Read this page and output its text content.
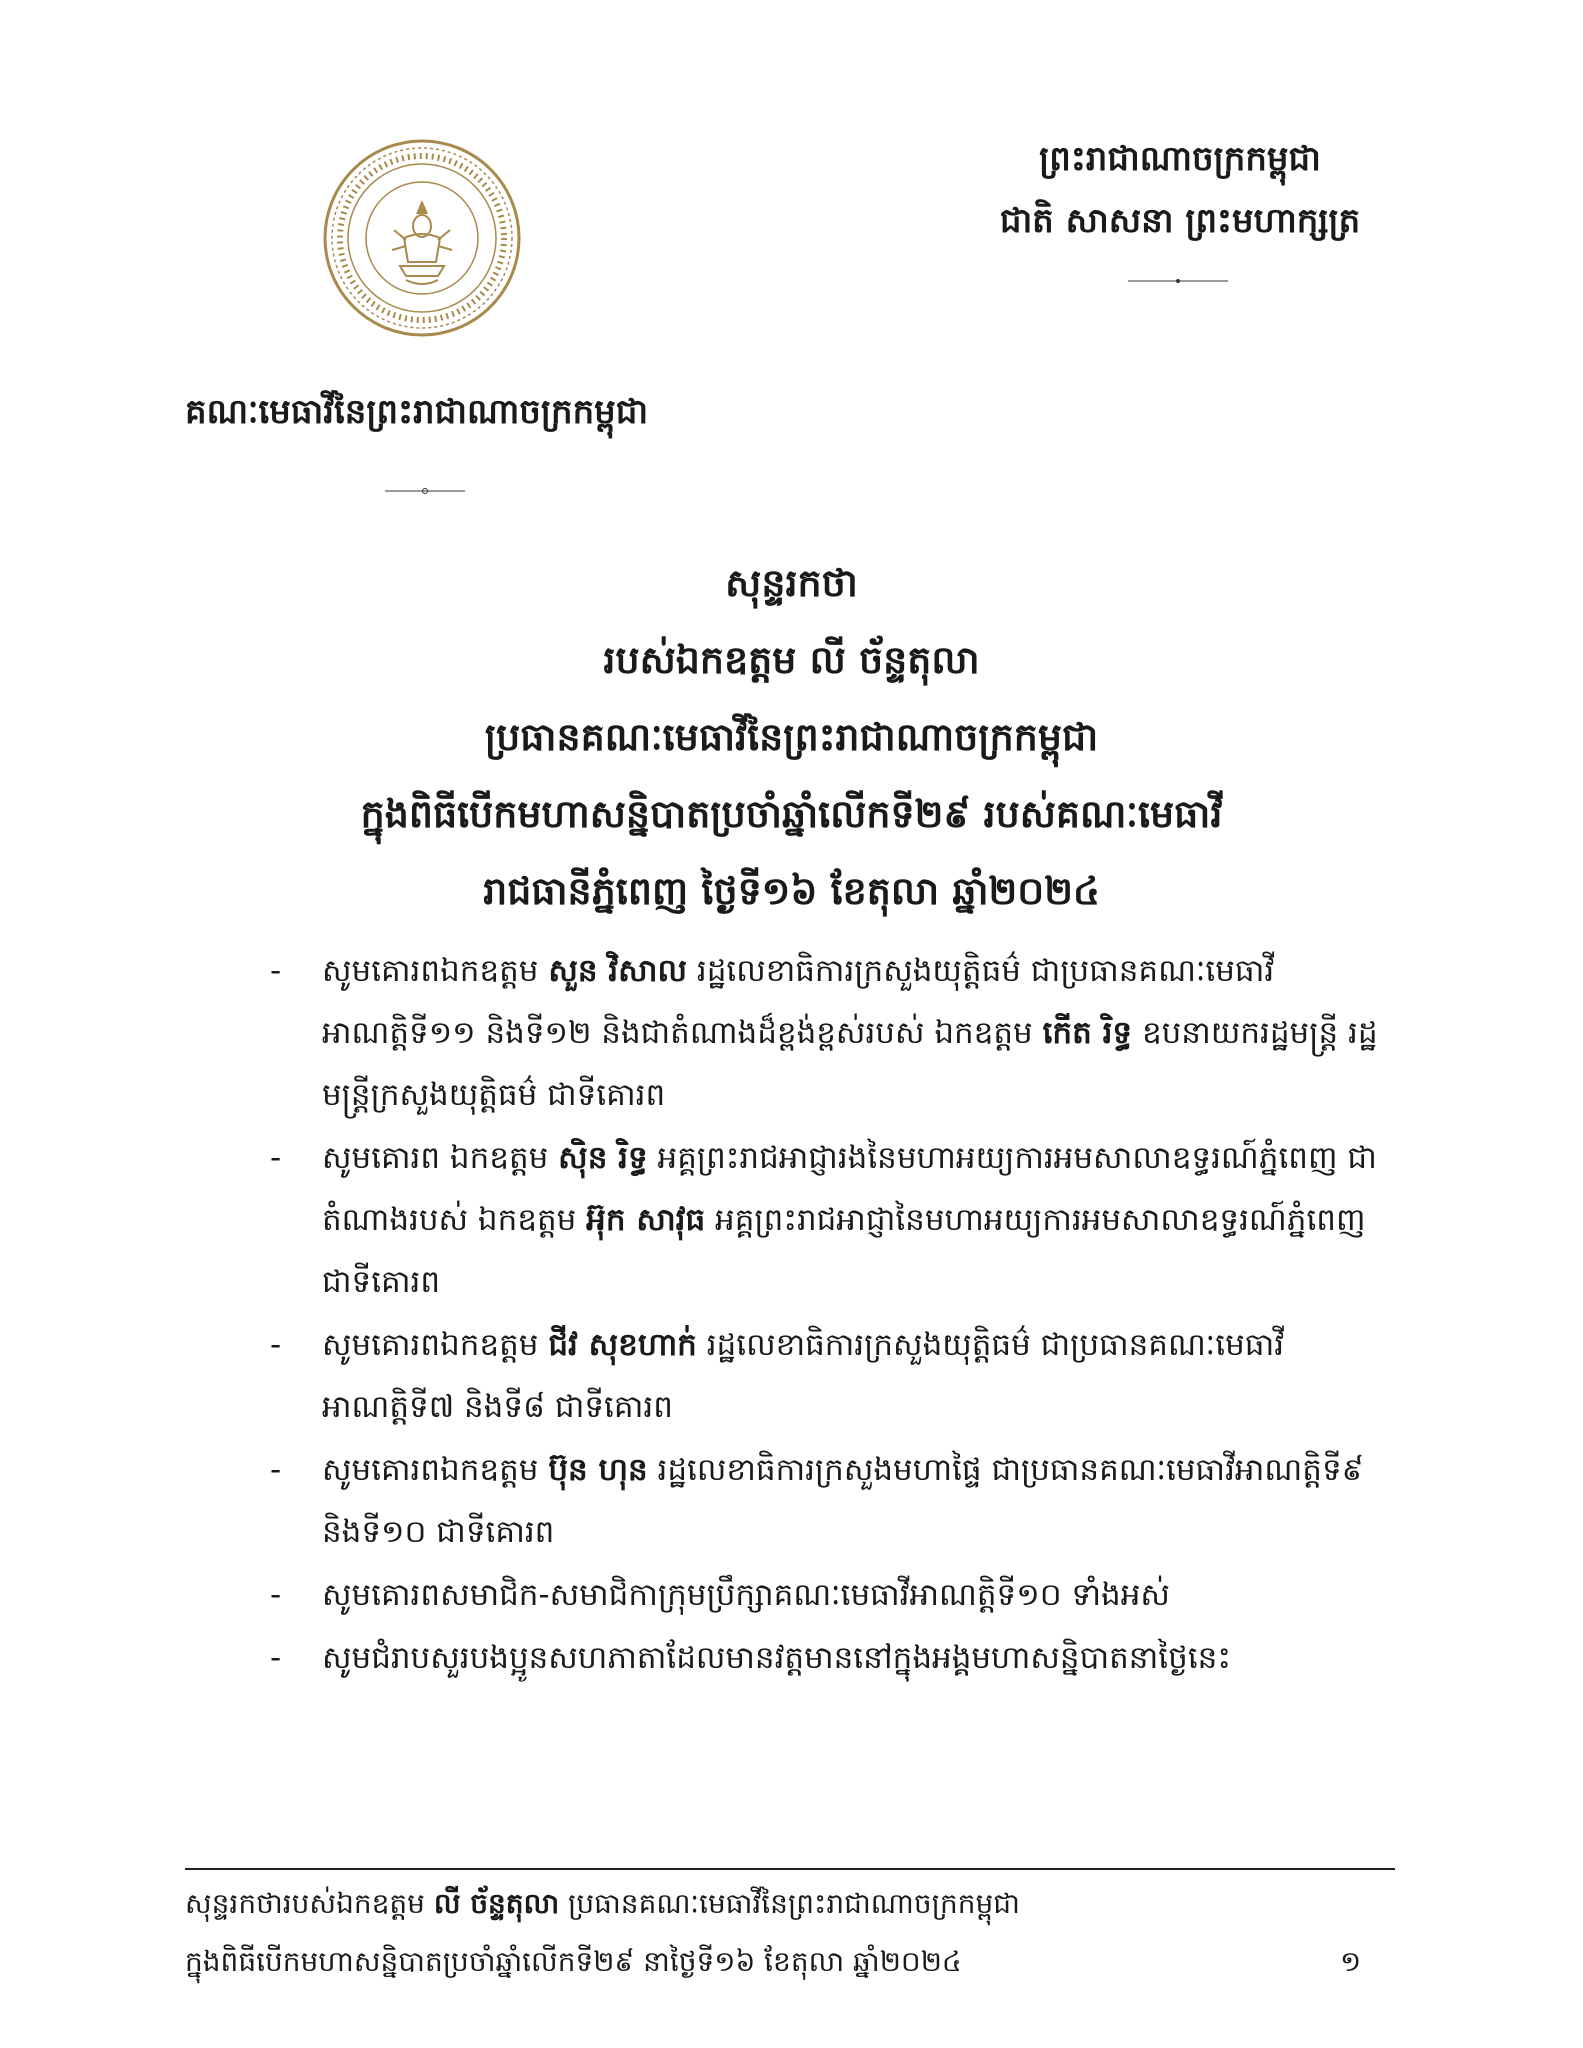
ព្រះរាជាណាចក្រកម្ពុជា
ជាតិ សាសនា ព្រះមហាក្សត្រ
គណៈមេធាវីនៃព្រះរាជាណាចក្រកម្ពុជា
សុន្ទរកថា
របស់ឯកឧត្តម លី ច័ន្ទតុលា
ប្រធានគណៈមេធាវីនៃព្រះរាជាណាចក្រកម្ពុជា
ក្នុងពិធីបើកមហាសន្និបាតប្រចាំឆ្នាំលើកទី២៩ របស់គណៈមេធាវី
រាជធានីភ្នំពេញ ថ្ងៃទី១៦ ខែតុលា ឆ្នាំ២០២៤
- សូមគោរពឯកឧត្តម សួន វិសាល រដ្ឋលេខាធិការក្រសួងយុត្តិធម៌ ជាប្រធានគណៈមេធាវីអាណត្តិទី១១ និងទី១២ និងជាតំណាងដ៏ខ្ពង់ខ្ពស់របស់ ឯកឧត្តម កើត រិទ្ធ ឧបនាយករដ្ឋមន្ត្រី រដ្ឋមន្ត្រីក្រសួងយុត្តិធម៌ ជាទីគោរព
- សូមគោរព ឯកឧត្តម ស៊ិន រិទ្ធ អគ្គព្រះរាជអាជ្ញារងនៃមហាអយ្យការអមសាលាឧទ្ធរណ៍ភ្នំពេញ ជាតំណាងរបស់ ឯកឧត្តម អ៊ុក សាវុធ អគ្គព្រះរាជអាជ្ញានៃមហាអយ្យការអមសាលាឧទ្ធរណ៍ភ្នំពេញ ជាទីគោរព
- សូមគោរពឯកឧត្តម ជីវ សុខហាក់ រដ្ឋលេខាធិការក្រសួងយុត្តិធម៌ ជាប្រធានគណៈមេធាវីអាណត្តិទី៧ និងទី៨ ជាទីគោរព
- សូមគោរពឯកឧត្តម ប៊ុន ហុន រដ្ឋលេខាធិការក្រសួងមហាផ្ទៃ ជាប្រធានគណៈមេធាវីអាណត្តិទី៩ និងទី១០ ជាទីគោរព
- សូមគោរពសមាជិក-សមាជិកាក្រុមប្រឹក្សាគណៈមេធាវីអាណត្តិទី១០ ទាំងអស់
- សូមជំរាបសួរបងប្អូនសហភាតាដែលមានវត្តមាននៅក្នុងអង្គមហាសន្និបាតនាថ្ងៃនេះ
សុន្ទរកថារបស់ឯកឧត្តម លី ច័ន្ទតុលា ប្រធានគណៈមេធាវីនៃព្រះរាជាណាចក្រកម្ពុជា
ក្នុងពិធីបើកមហាសន្និបាតប្រចាំឆ្នាំលើកទី២៩ នាថ្ងៃទី១៦ ខែតុលា ឆ្នាំ២០២៤	១
